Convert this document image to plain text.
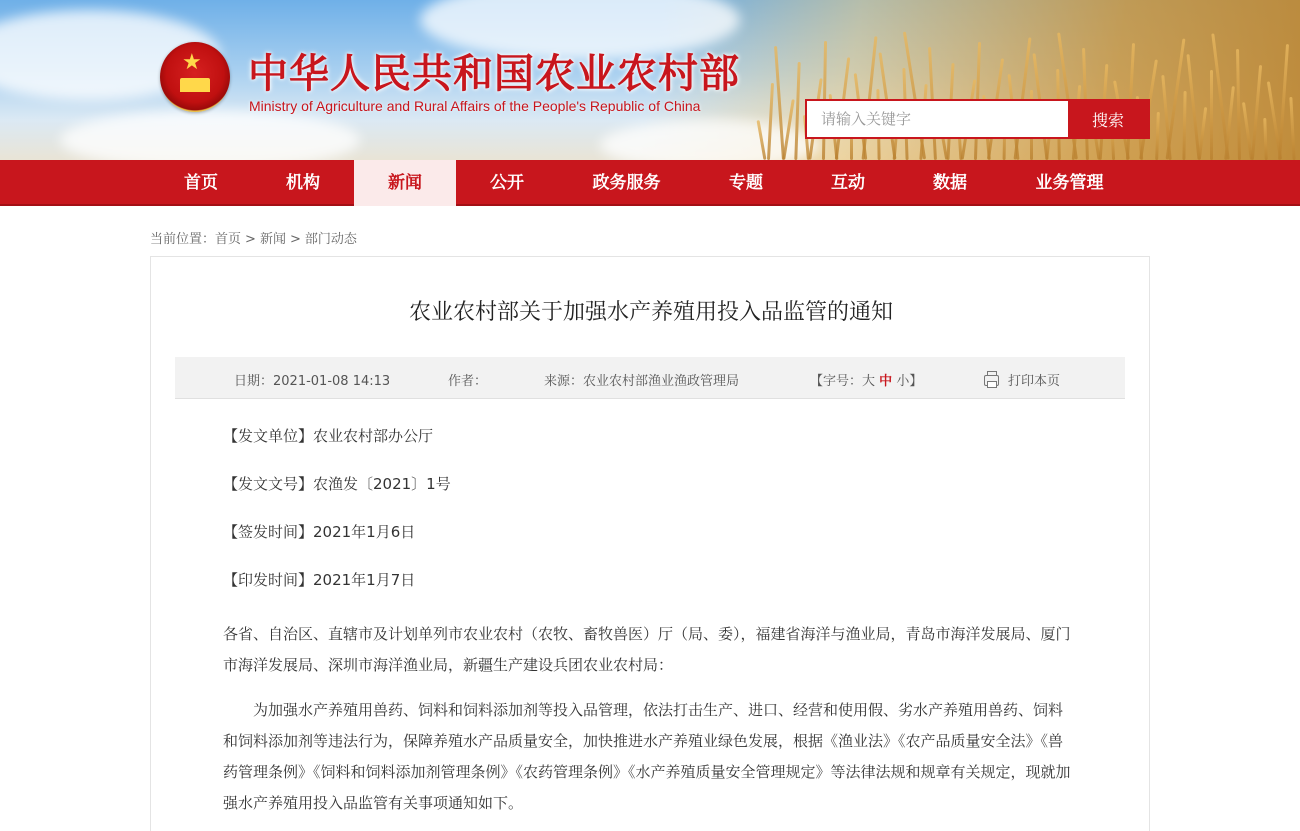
★ 中华人民共和国农业农村部
Ministry of Agriculture and Rural Affairs of the People's Republic of China
请输入关键字
搜索
首页	机构	新闻	公开	政务服务	专题	互动	数据	业务管理
当前位置：首页 > 新闻 > 部门动态
农业农村部关于加强水产养殖用投入品监管的通知
日期：2021-01-08 14:13	作者：	来源：农业农村部渔业渔政管理局	【字号：大 中 小】	打印本页
【发文单位】农业农村部办公厅
【发文文号】农渔发〔2021〕1号
【签发时间】2021年1月6日
【印发时间】2021年1月7日

各省、自治区、直辖市及计划单列市农业农村（农牧、畜牧兽医）厅（局、委），福建省海洋与渔业局，青岛市海洋发展局、厦门市海洋发展局、深圳市海洋渔业局，新疆生产建设兵团农业农村局：

为加强水产养殖用兽药、饲料和饲料添加剂等投入品管理，依法打击生产、进口、经营和使用假、劣水产养殖用兽药、饲料和饲料添加剂等违法行为，保障养殖水产品质量安全，加快推进水产养殖业绿色发展，根据《渔业法》《农产品质量安全法》《兽药管理条例》《饲料和饲料添加剂管理条例》《农药管理条例》《水产养殖质量安全管理规定》等法律法规和规章有关规定，现就加强水产养殖用投入品监管有关事项通知如下。
